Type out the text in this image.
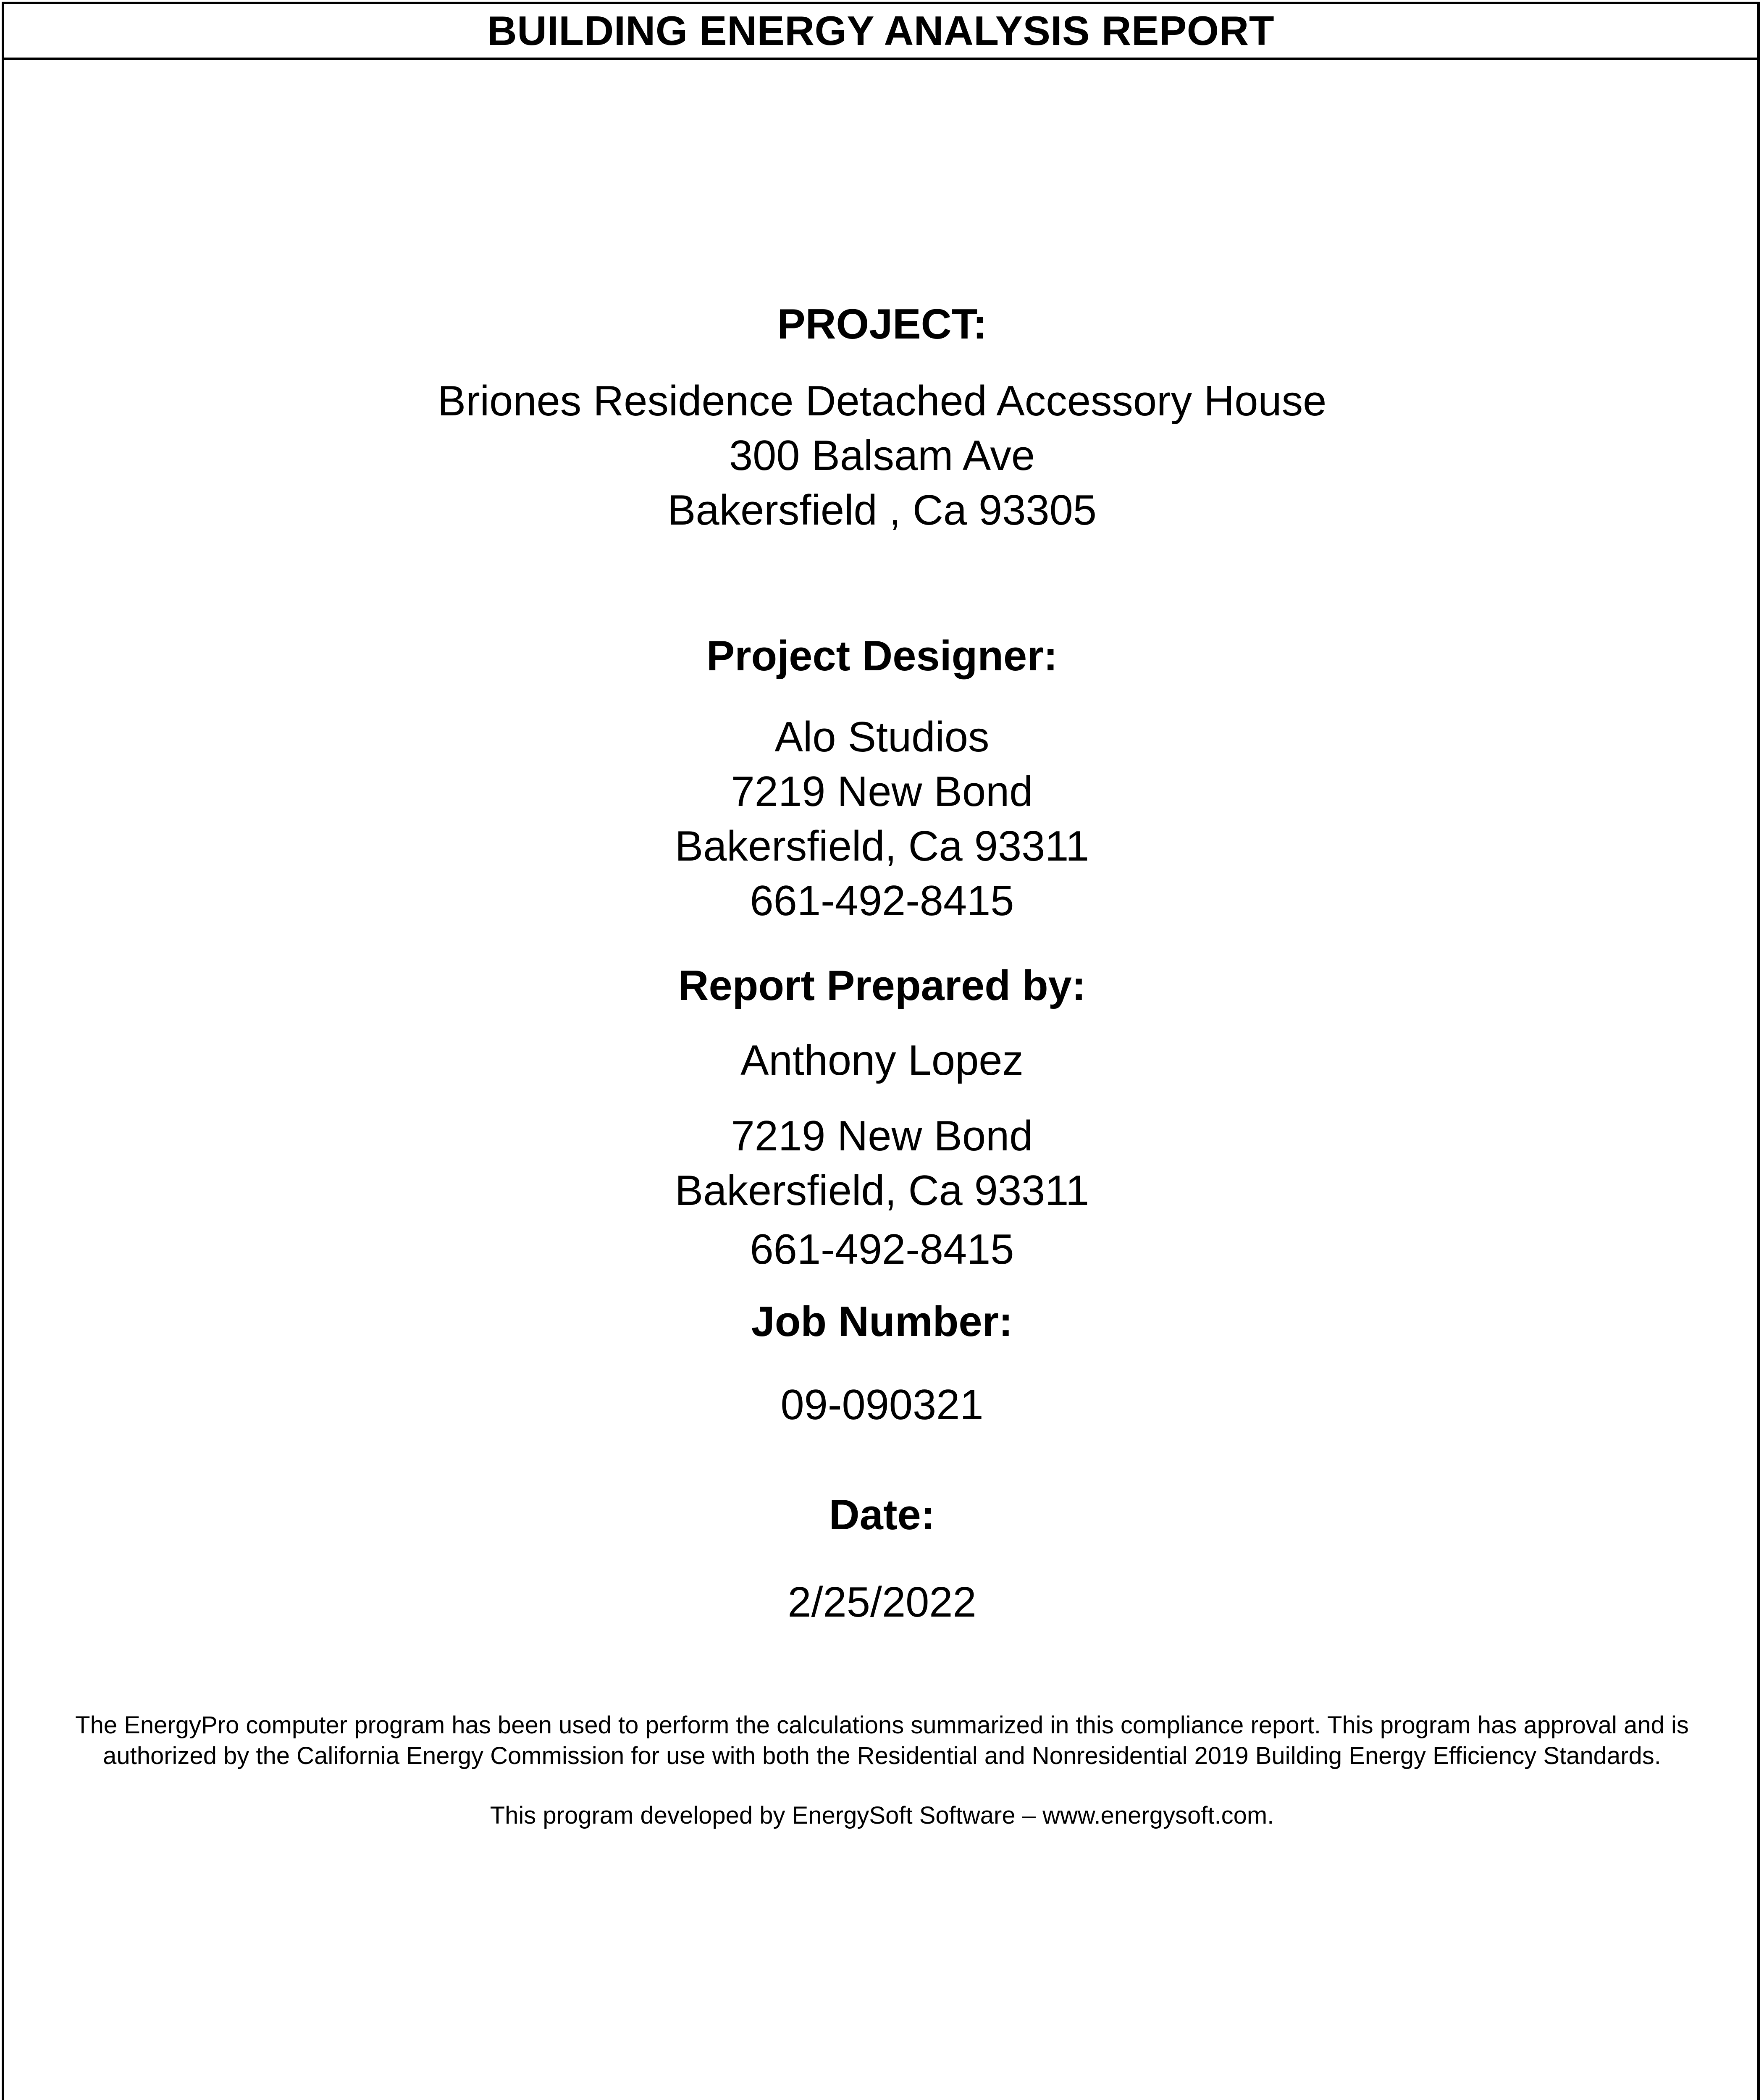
BUILDING ENERGY ANALYSIS REPORT
PROJECT:
Briones Residence Detached Accessory House
300 Balsam Ave
Bakersfield , Ca 93305
Project Designer:
Alo Studios
7219 New Bond
Bakersfield, Ca 93311
661-492-8415
Report Prepared by:
Anthony Lopez
7219 New Bond
Bakersfield, Ca 93311
661-492-8415
Job Number:
09-090321
Date:
2/25/2022
The EnergyPro computer program has been used to perform the calculations summarized in this compliance report. This program has approval and is
authorized by the California Energy Commission for use with both the Residential and Nonresidential 2019 Building Energy Efficiency Standards.
This program developed by EnergySoft Software – www.energysoft.com.
